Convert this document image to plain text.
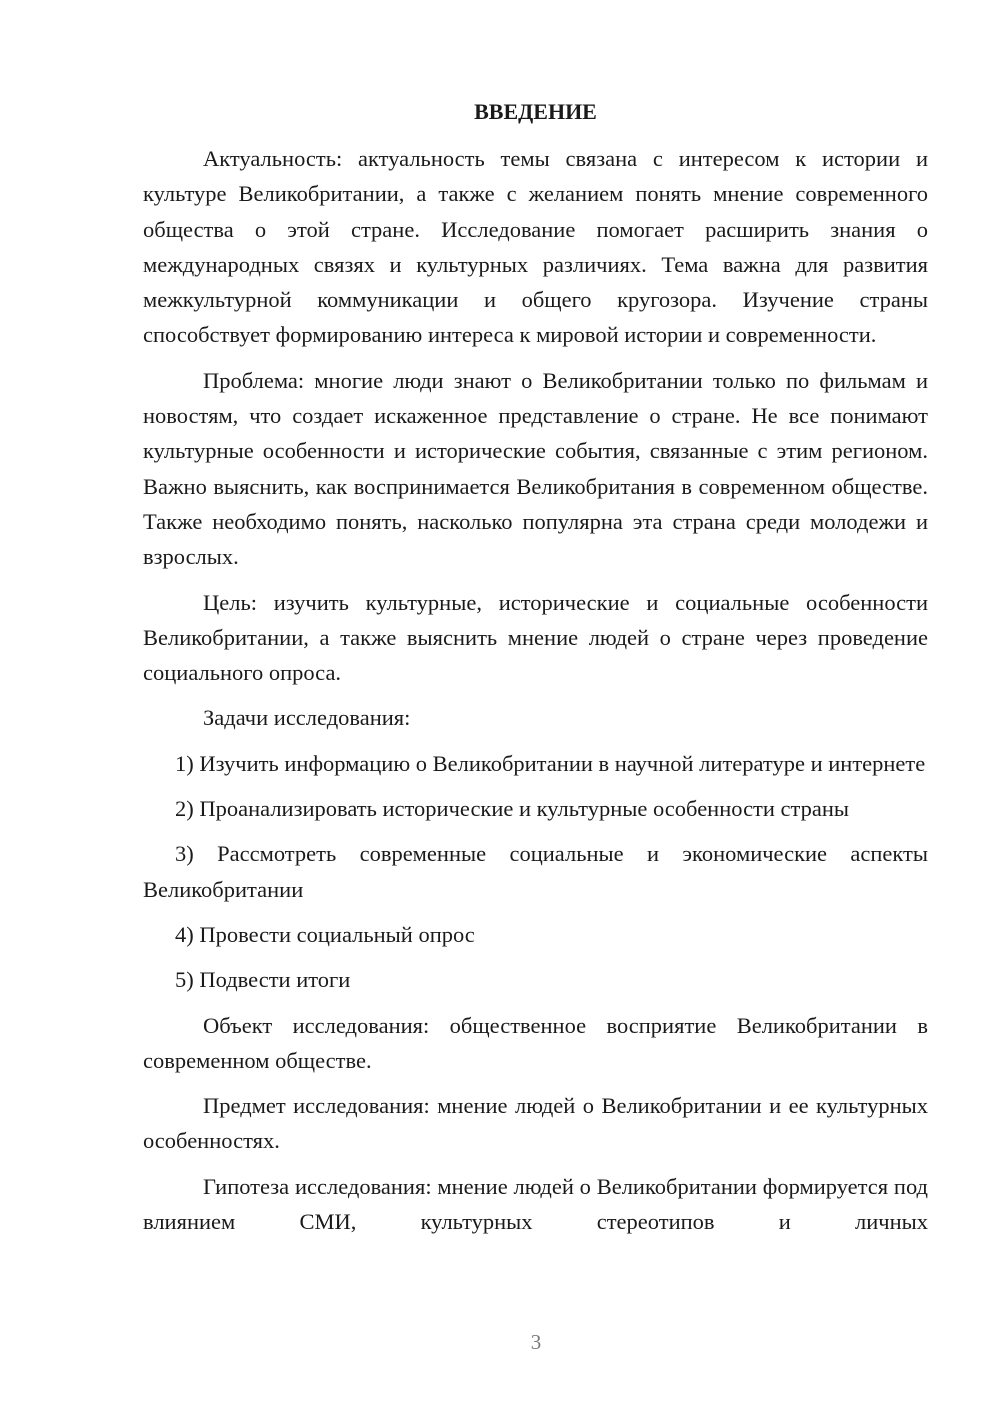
ВВЕДЕНИЕ

Актуальность: актуальность темы связана с интересом к истории и культуре Великобритании, а также с желанием понять мнение современного общества о этой стране. Исследование помогает расширить знания о международных связях и культурных различиях. Тема важна для развития межкультурной коммуникации и общего кругозора. Изучение страны способствует формированию интереса к мировой истории и современности.

Проблема: многие люди знают о Великобритании только по фильмам и новостям, что создает искаженное представление о стране. Не все понимают культурные особенности и исторические события, связанные с этим регионом. Важно выяснить, как воспринимается Великобритания в современном обществе. Также необходимо понять, насколько популярна эта страна среди молодежи и взрослых.

Цель: изучить культурные, исторические и социальные особенности Великобритании, а также выяснить мнение людей о стране через проведение социального опроса.

Задачи исследования:

1) Изучить информацию о Великобритании в научной литературе и интернете

2) Проанализировать исторические и культурные особенности страны

3) Рассмотреть современные социальные и экономические аспекты Великобритании

4) Провести социальный опрос

5) Подвести итоги

Объект исследования: общественное восприятие Великобритании в современном обществе.

Предмет исследования: мнение людей о Великобритании и ее культурных особенностях.

Гипотеза исследования: мнение людей о Великобритании формируется под влиянием СМИ, культурных стереотипов и личных

3
